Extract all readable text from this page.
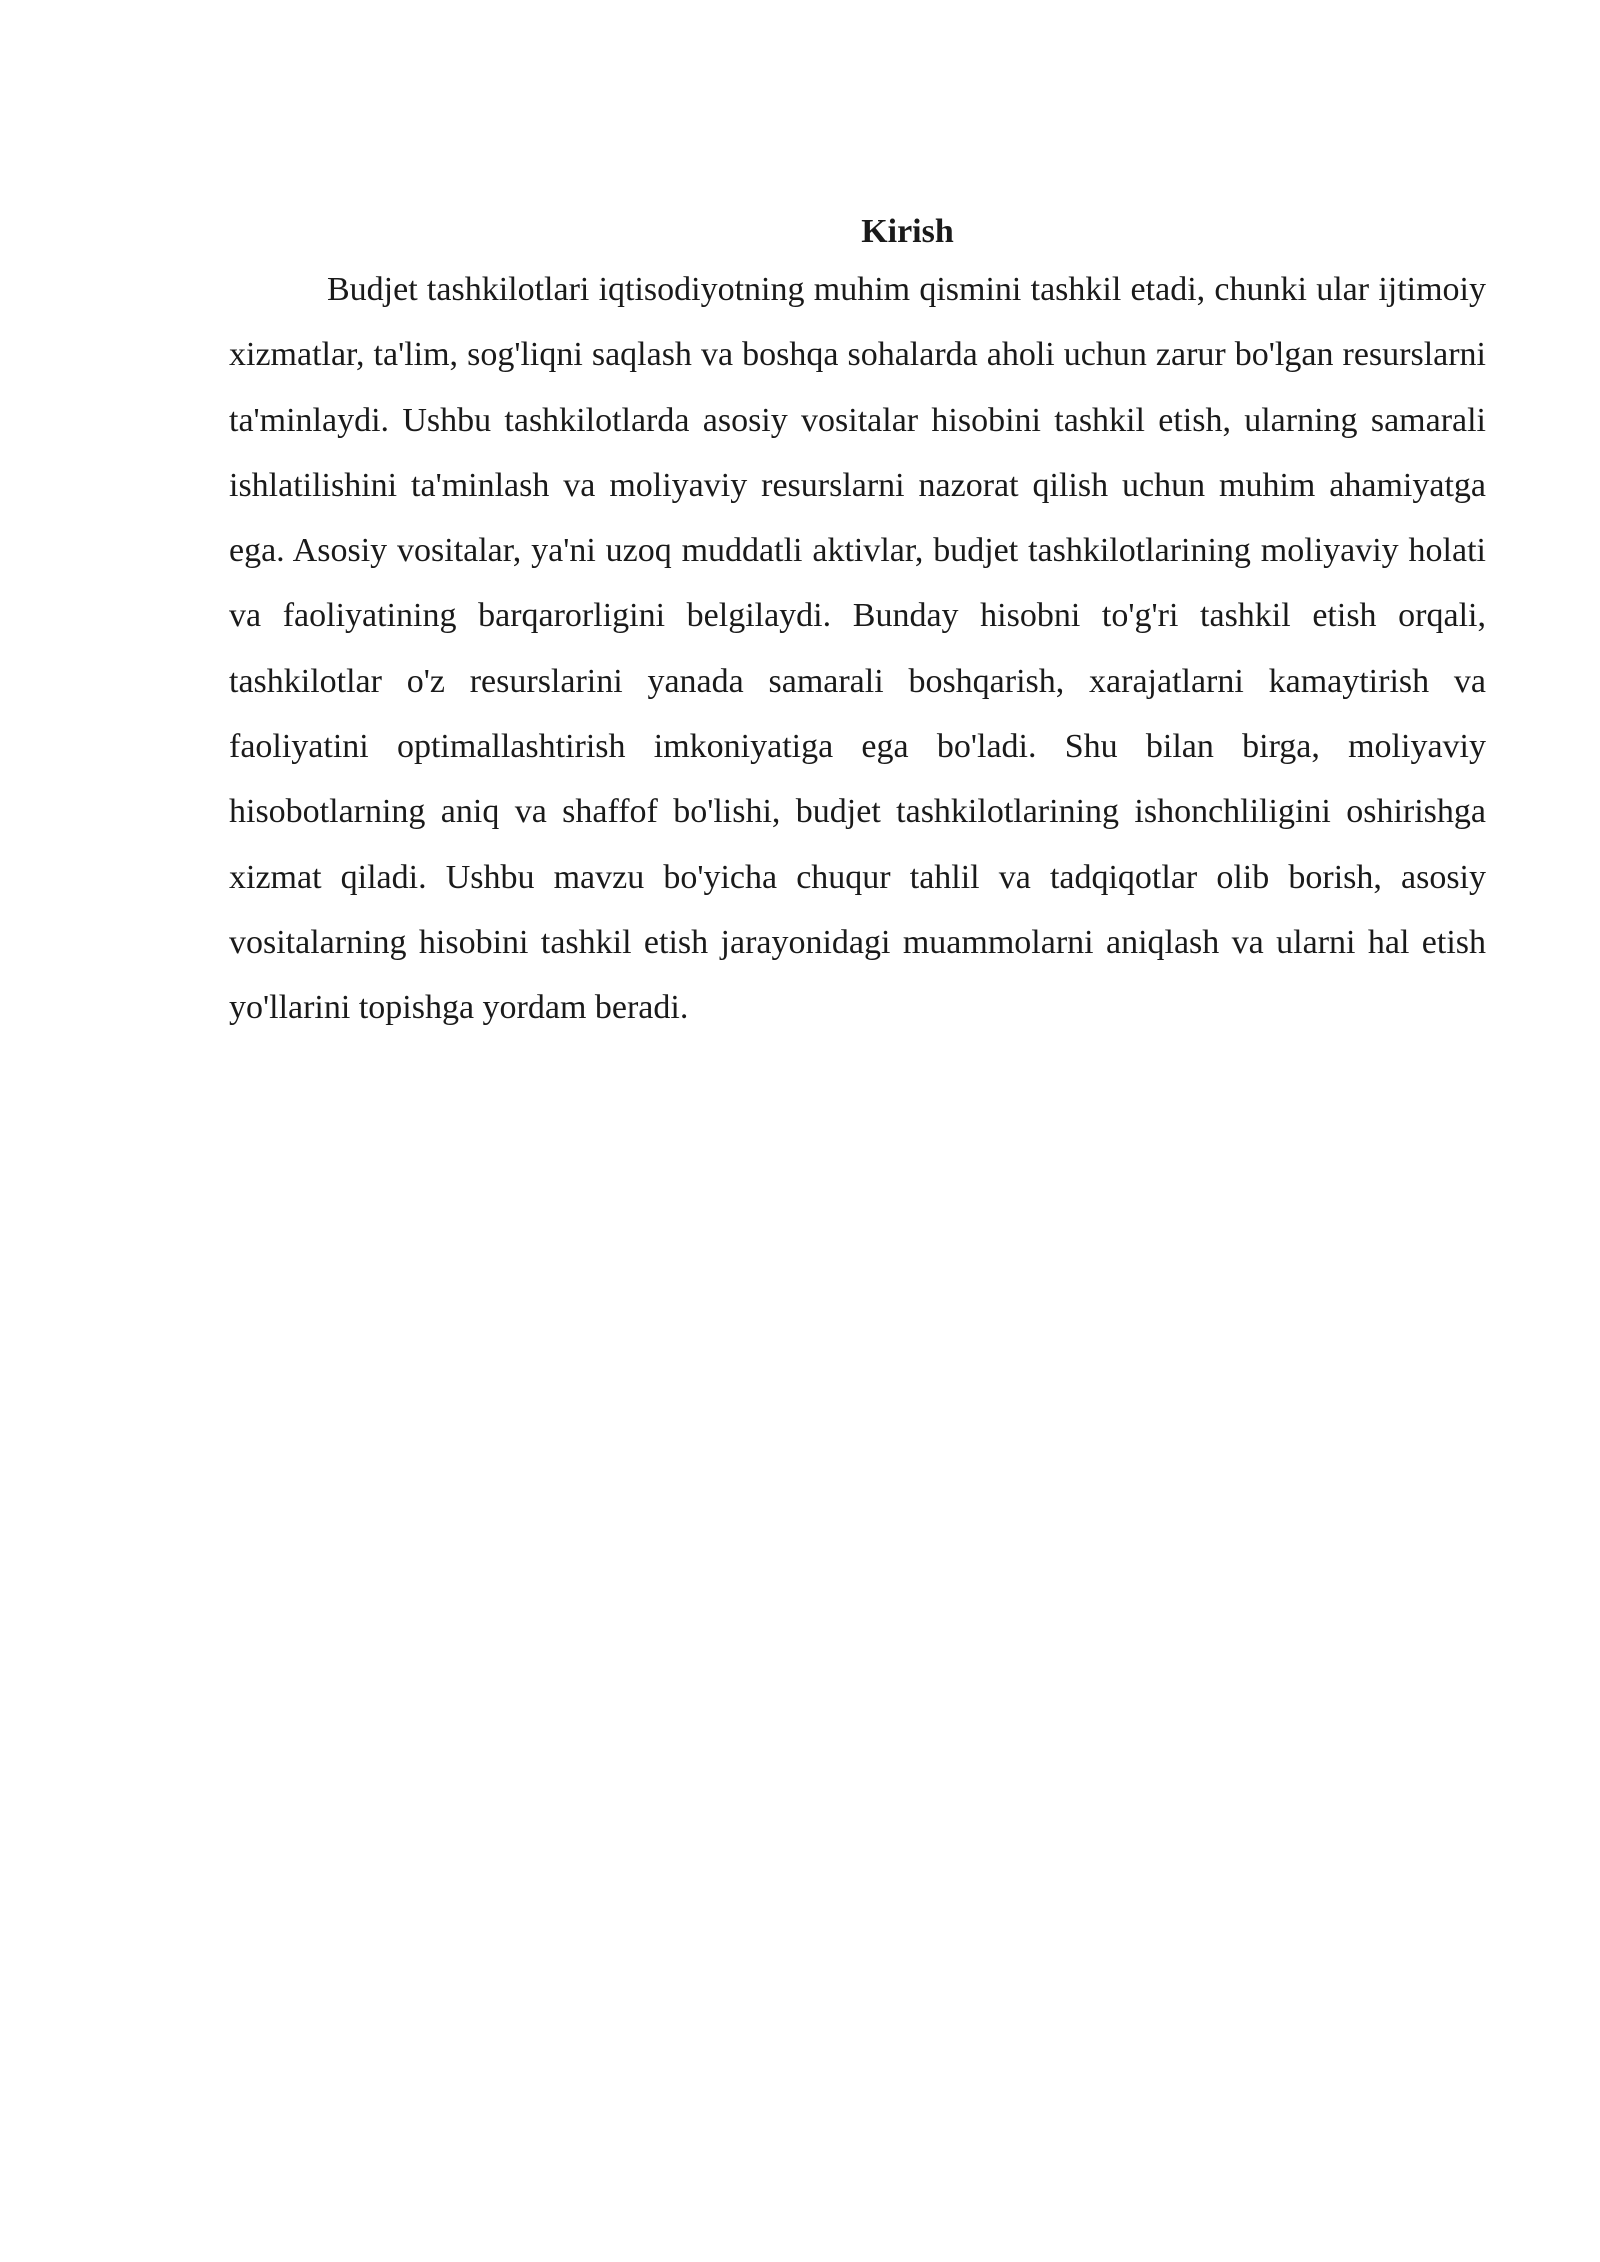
Kirish

Budjet tashkilotlari iqtisodiyotning muhim qismini tashkil etadi, chunki ular ijtimoiy xizmatlar, ta'lim, sog'liqni saqlash va boshqa sohalarda aholi uchun zarur bo'lgan resurslarni ta'minlaydi. Ushbu tashkilotlarda asosiy vositalar hisobini tashkil etish, ularning samarali ishlatilishini ta'minlash va moliyaviy resurslarni nazorat qilish uchun muhim ahamiyatga ega. Asosiy vositalar, ya'ni uzoq muddatli aktivlar, budjet tashkilotlarining moliyaviy holati va faoliyatining barqarorligini belgilaydi. Bunday hisobni to'g'ri tashkil etish orqali, tashkilotlar o'z resurslarini yanada samarali boshqarish, xarajatlarni kamaytirish va faoliyatini optimallashtirish imkoniyatiga ega bo'ladi. Shu bilan birga, moliyaviy hisobotlarning aniq va shaffof bo'lishi, budjet tashkilotlarining ishonchliligini oshirishga xizmat qiladi. Ushbu mavzu bo'yicha chuqur tahlil va tadqiqotlar olib borish, asosiy vositalarning hisobini tashkil etish jarayonidagi muammolarni aniqlash va ularni hal etish yo'llarini topishga yordam beradi.
